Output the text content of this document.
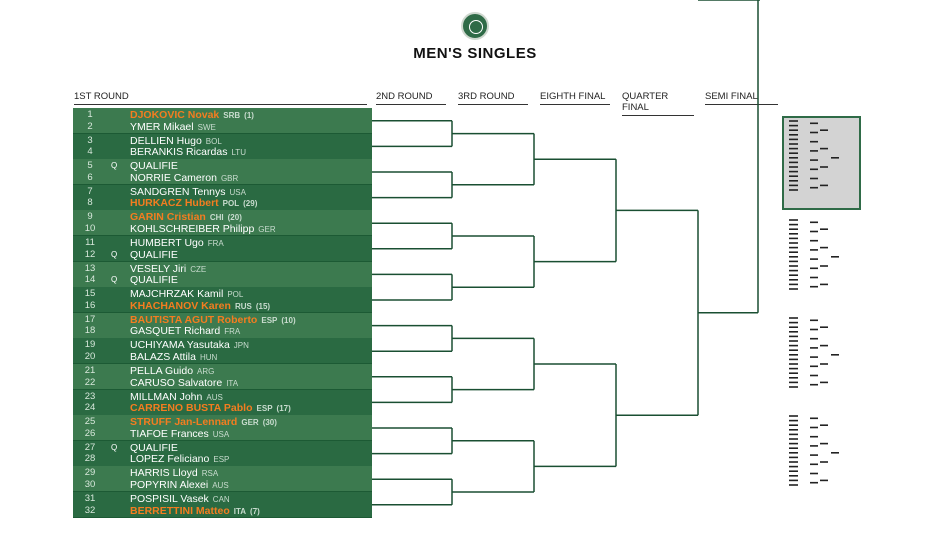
MEN'S SINGLES
1ST ROUND	2ND ROUND	3RD ROUND	EIGHTH FINAL	QUARTER FINAL
SEMI FINAL
1	DJOKOVIC Novak SRB (1)
2	YMER Mikael SWE
3	DELLIEN Hugo BOL
4	BERANKIS Ricardas LTU
5	Q	QUALIFIE
6	NORRIE Cameron GBR
7	SANDGREN Tennys USA
8	HURKACZ Hubert POL (29)
9	GARIN Cristian CHI (20)
10	KOHLSCHREIBER Philipp GER
11	HUMBERT Ugo FRA
12	Q	QUALIFIE
13	VESELY Jiri CZE
14	Q	QUALIFIE
15	MAJCHRZAK Kamil POL
16	KHACHANOV Karen RUS (15)
17	BAUTISTA AGUT Roberto ESP (10)
18	GASQUET Richard FRA
19	UCHIYAMA Yasutaka JPN
20	BALAZS Attila HUN
21	PELLA Guido ARG
22	CARUSO Salvatore ITA
23	MILLMAN John AUS
24	CARRENO BUSTA Pablo ESP (17)
25	STRUFF Jan-Lennard GER (30)
26	TIAFOE Frances USA
27	Q	QUALIFIE
28	LOPEZ Feliciano ESP
29	HARRIS Lloyd RSA
30	POPYRIN Alexei AUS
31	POSPISIL Vasek CAN
32	BERRETTINI Matteo ITA (7)
